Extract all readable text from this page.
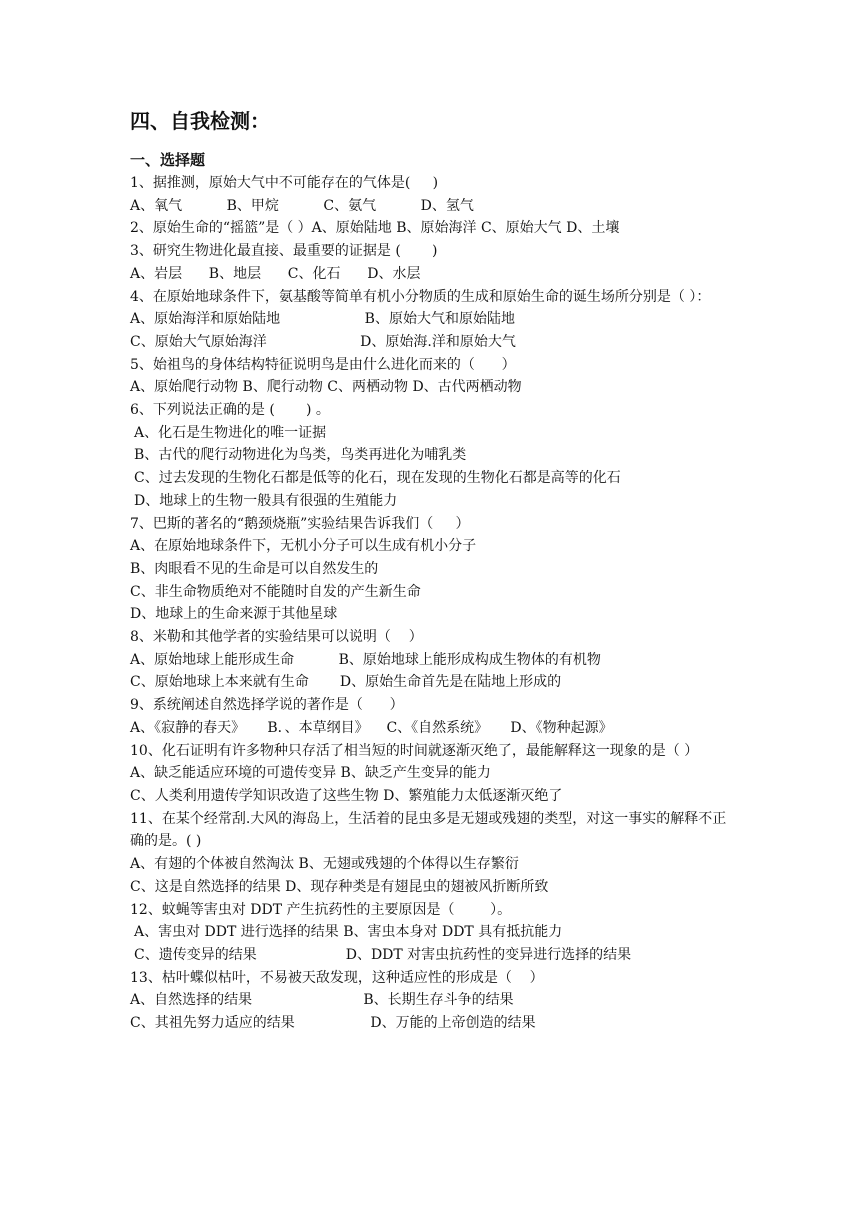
四、自我检测：
一、选择题
1、据推测，原始大气中不可能存在的气体是(     )
A、氧气          B、甲烷          C、氨气          D、氢气
2、原始生命的“摇篮”是（ ）A、原始陆地 B、原始海洋 C、原始大气 D、土壤
3、研究生物进化最直接、最重要的证据是 (       )
A、岩层      B、地层      C、化石      D、水层
4、在原始地球条件下，氨基酸等简单有机小分物质的生成和原始生命的诞生场所分别是（ ）：
A、原始海洋和原始陆地                   B、原始大气和原始陆地
C、原始大气原始海洋                     D、原始海.洋和原始大气
5、始祖鸟的身体结构特征说明鸟是由什么进化而来的（      ）
A、原始爬行动物 B、爬行动物 C、两栖动物 D、古代两栖动物
6、下列说法正确的是 (       ) 。
A、化石是生物进化的唯一证据
B、古代的爬行动物进化为鸟类，鸟类再进化为哺乳类
C、过去发现的生物化石都是低等的化石，现在发现的生物化石都是高等的化石
D、地球上的生物一般具有很强的生殖能力
7、巴斯的著名的“鹅颈烧瓶”实验结果告诉我们（     ）
A、在原始地球条件下，无机小分子可以生成有机小分子
B、肉眼看不见的生命是可以自然发生的
C、非生命物质绝对不能随时自发的产生新生命
D、地球上的生命来源于其他星球
8、米勒和其他学者的实验结果可以说明（    ）
A、原始地球上能形成生命          B、原始地球上能形成构成生物体的有机物
C、原始地球上本来就有生命       D、原始生命首先是在陆地上形成的
9、系统阐述自然选择学说的著作是（      ）
A、《寂静的春天》     B．、本草纲目》    C、《自然系统》     D、《物种起源》
10、化石证明有许多物种只存活了相当短的时间就逐渐灭绝了，最能解释这一现象的是（ ）
A、缺乏能适应环境的可遗传变异 B、缺乏产生变异的能力
C、人类利用遗传学知识改造了这些生物 D、繁殖能力太低逐渐灭绝了
11、在某个经常刮.大风的海岛上，生活着的昆虫多是无翅或残翅的类型，对这一事实的解释不正确的是。( )
A、有翅的个体被自然淘汰 B、无翅或残翅的个体得以生存繁衍
C、这是自然选择的结果 D、现存种类是有翅昆虫的翅被风折断所致
12、蚊蝇等害虫对 DDT 产生抗药性的主要原因是（        ）。
A、害虫对 DDT 进行选择的结果 B、害虫本身对 DDT 具有抵抗能力
C、遗传变异的结果                    D、DDT 对害虫抗药性的变异进行选择的结果
13、枯叶蝶似枯叶，不易被天敌发现，这种适应性的形成是（    ）
A、自然选择的结果                         B、长期生存斗争的结果
C、其祖先努力适应的结果                 D、万能的上帝创造的结果
